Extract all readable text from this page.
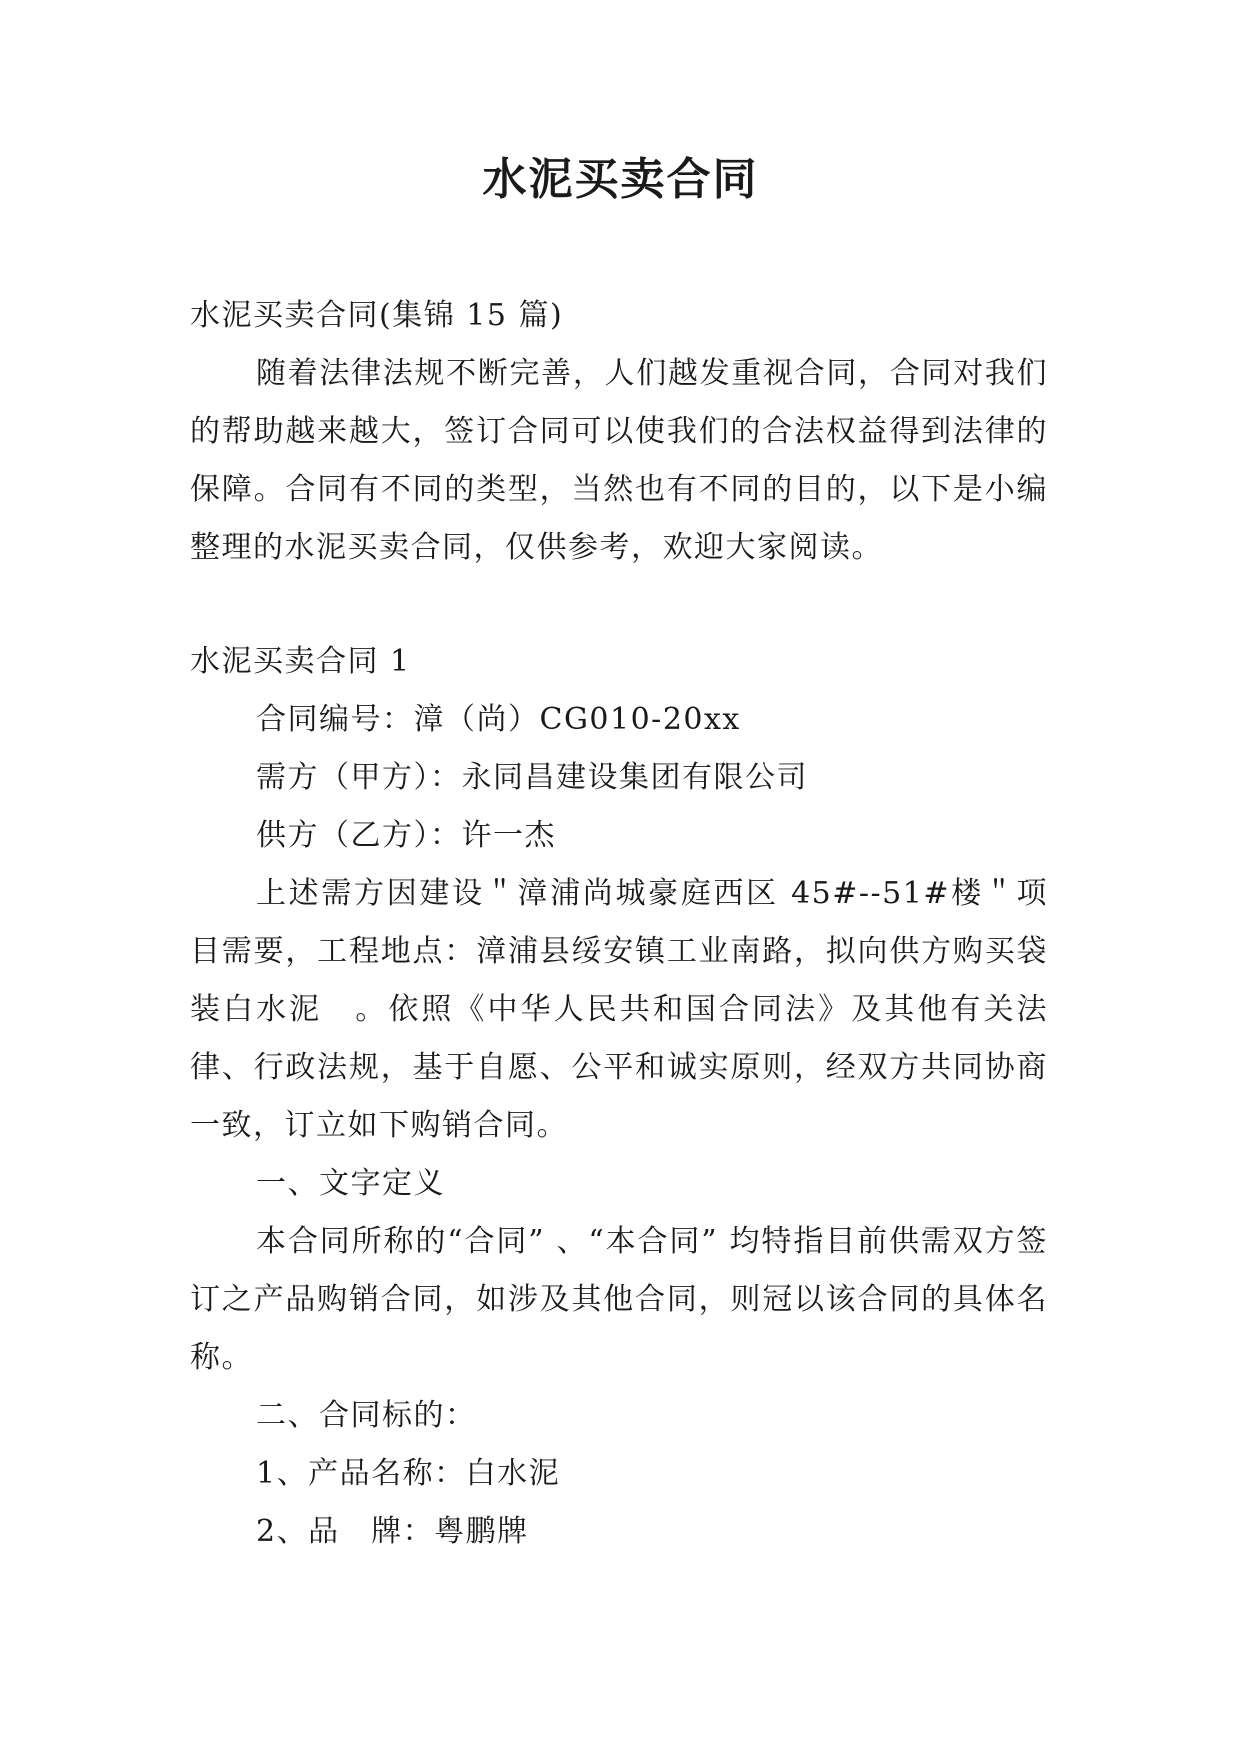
水泥买卖合同

水泥买卖合同(集锦 15 篇)

随着法律法规不断完善，人们越发重视合同，合同对我们的帮助越来越大，签订合同可以使我们的合法权益得到法律的保障。合同有不同的类型，当然也有不同的目的，以下是小编整理的水泥买卖合同，仅供参考，欢迎大家阅读。

水泥买卖合同 1

合同编号：漳（尚）CG010-20xx

需方（甲方）：永同昌建设集团有限公司

供方（乙方）：许一杰

上述需方因建设＂漳浦尚城豪庭西区 45#--51#楼＂项目需要，工程地点：漳浦县绥安镇工业南路，拟向供方购买袋装白水泥　。依照《中华人民共和国合同法》及其他有关法律、行政法规，基于自愿、公平和诚实原则，经双方共同协商一致，订立如下购销合同。

一、文字定义

本合同所称的“合同” 、“本合同” 均特指目前供需双方签订之产品购销合同，如涉及其他合同，则冠以该合同的具体名称。

二、合同标的：

1、产品名称：白水泥

2、品　牌：粤鹏牌
